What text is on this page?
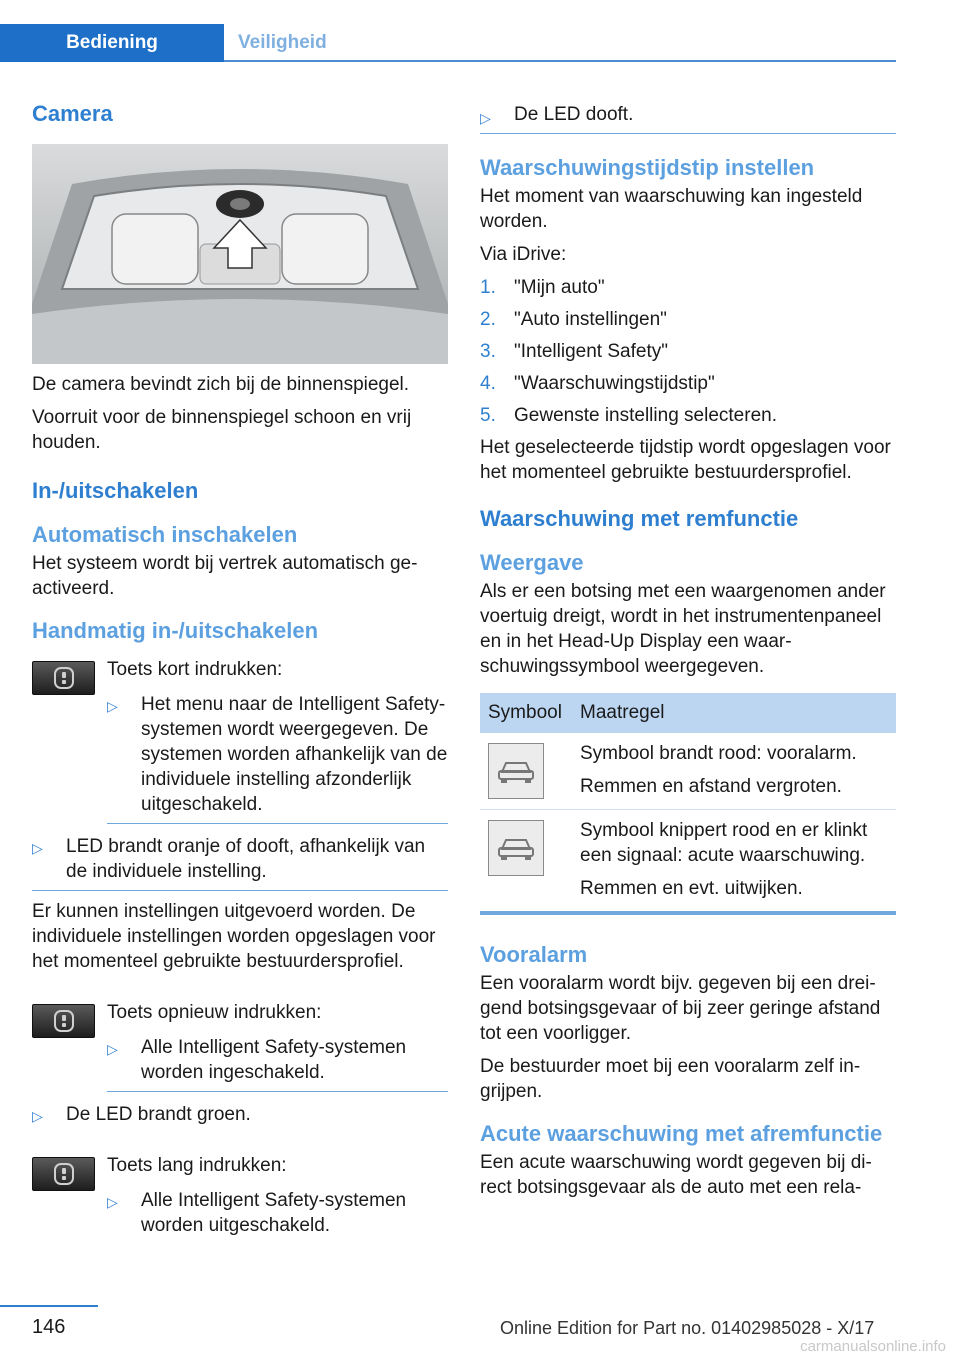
Bediening	Veiligheid
Camera

De camera bevindt zich bij de binnenspiegel.

Voorruit voor de binnenspiegel schoon en vrij houden.

In-/uitschakelen
Automatisch inschakelen

Het systeem wordt bij vertrek automatisch geactiveerd.

Handmatig in-/uitschakelen

Toets kort indrukken:

▷ Het menu naar de Intelligent Safety-systemen wordt weergegeven. De systemen worden afhankelijk van de individuele instelling afzonderlijk uitgeschakeld.
▷ LED brandt oranje of dooft, afhankelijk van de individuele instelling.

Er kunnen instellingen uitgevoerd worden. De individuele instellingen worden opgeslagen voor het momenteel gebruikte bestuurdersprofiel.

Toets opnieuw indrukken:

▷ Alle Intelligent Safety-systemen worden ingeschakeld.
▷ De LED brandt groen.

Toets lang indrukken:

▷ Alle Intelligent Safety-systemen worden uitgeschakeld.
▷ De LED dooft.
Waarschuwingstijdstip instellen

Het moment van waarschuwing kan ingesteld worden.

Via iDrive:

1. "Mijn auto"
2. "Auto instellingen"
3. "Intelligent Safety"
4. "Waarschuwingstijdstip"
5. Gewenste instelling selecteren.

Het geselecteerde tijdstip wordt opgeslagen voor het momenteel gebruikte bestuurdersprofiel.

Waarschuwing met remfunctie
Weergave

Als er een botsing met een waargenomen ander voertuig dreigt, wordt in het instrumentenpaneel en in het Head-Up Display een waarschuwingssymbool weergegeven.

Symbool	Maatregel

Symbool brandt rood: vooralarm.

Remmen en afstand vergroten.

Symbool knippert rood en er klinkt een signaal: acute waarschuwing.

Remmen en evt. uitwijken.

Vooralarm

Een vooralarm wordt bijv. gegeven bij een dreigend botsingsgevaar of bij zeer geringe afstand tot een voorligger.

De bestuurder moet bij een vooralarm zelf ingrijpen.

Acute waarschuwing met afremfunctie

Een acute waarschuwing wordt gegeven bij direct botsingsgevaar als de auto met een rela-

146	Online Edition for Part no. 01402985028 - X/17
carmanualsonline.info
